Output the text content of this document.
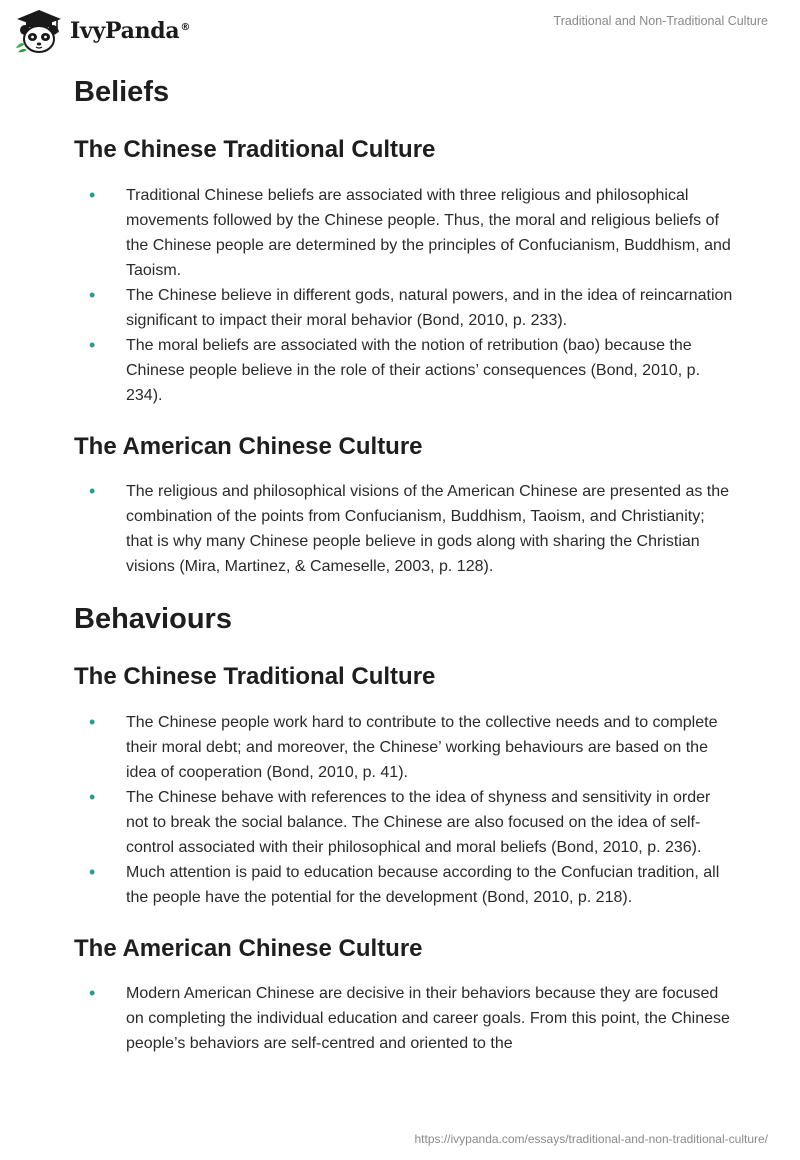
IvyPanda®	Traditional and Non-Traditional Culture
Beliefs
The Chinese Traditional Culture
• Traditional Chinese beliefs are associated with three religious and philosophical movements followed by the Chinese people. Thus, the moral and religious beliefs of the Chinese people are determined by the principles of Confucianism, Buddhism, and Taoism.
• The Chinese believe in different gods, natural powers, and in the idea of reincarnation significant to impact their moral behavior (Bond, 2010, p. 233).
• The moral beliefs are associated with the notion of retribution (bao) because the Chinese people believe in the role of their actions’ consequences (Bond, 2010, p. 234).
The American Chinese Culture
• The religious and philosophical visions of the American Chinese are presented as the combination of the points from Confucianism, Buddhism, Taoism, and Christianity; that is why many Chinese people believe in gods along with sharing the Christian visions (Mira, Martinez, & Cameselle, 2003, p. 128).
Behaviours
The Chinese Traditional Culture
• The Chinese people work hard to contribute to the collective needs and to complete their moral debt; and moreover, the Chinese’ working behaviours are based on the idea of cooperation (Bond, 2010, p. 41).
• The Chinese behave with references to the idea of shyness and sensitivity in order not to break the social balance. The Chinese are also focused on the idea of self-control associated with their philosophical and moral beliefs (Bond, 2010, p. 236).
• Much attention is paid to education because according to the Confucian tradition, all the people have the potential for the development (Bond, 2010, p. 218).
The American Chinese Culture
• Modern American Chinese are decisive in their behaviors because they are focused on completing the individual education and career goals. From this point, the Chinese people’s behaviors are self-centred and oriented to the
https://ivypanda.com/essays/traditional-and-non-traditional-culture/
